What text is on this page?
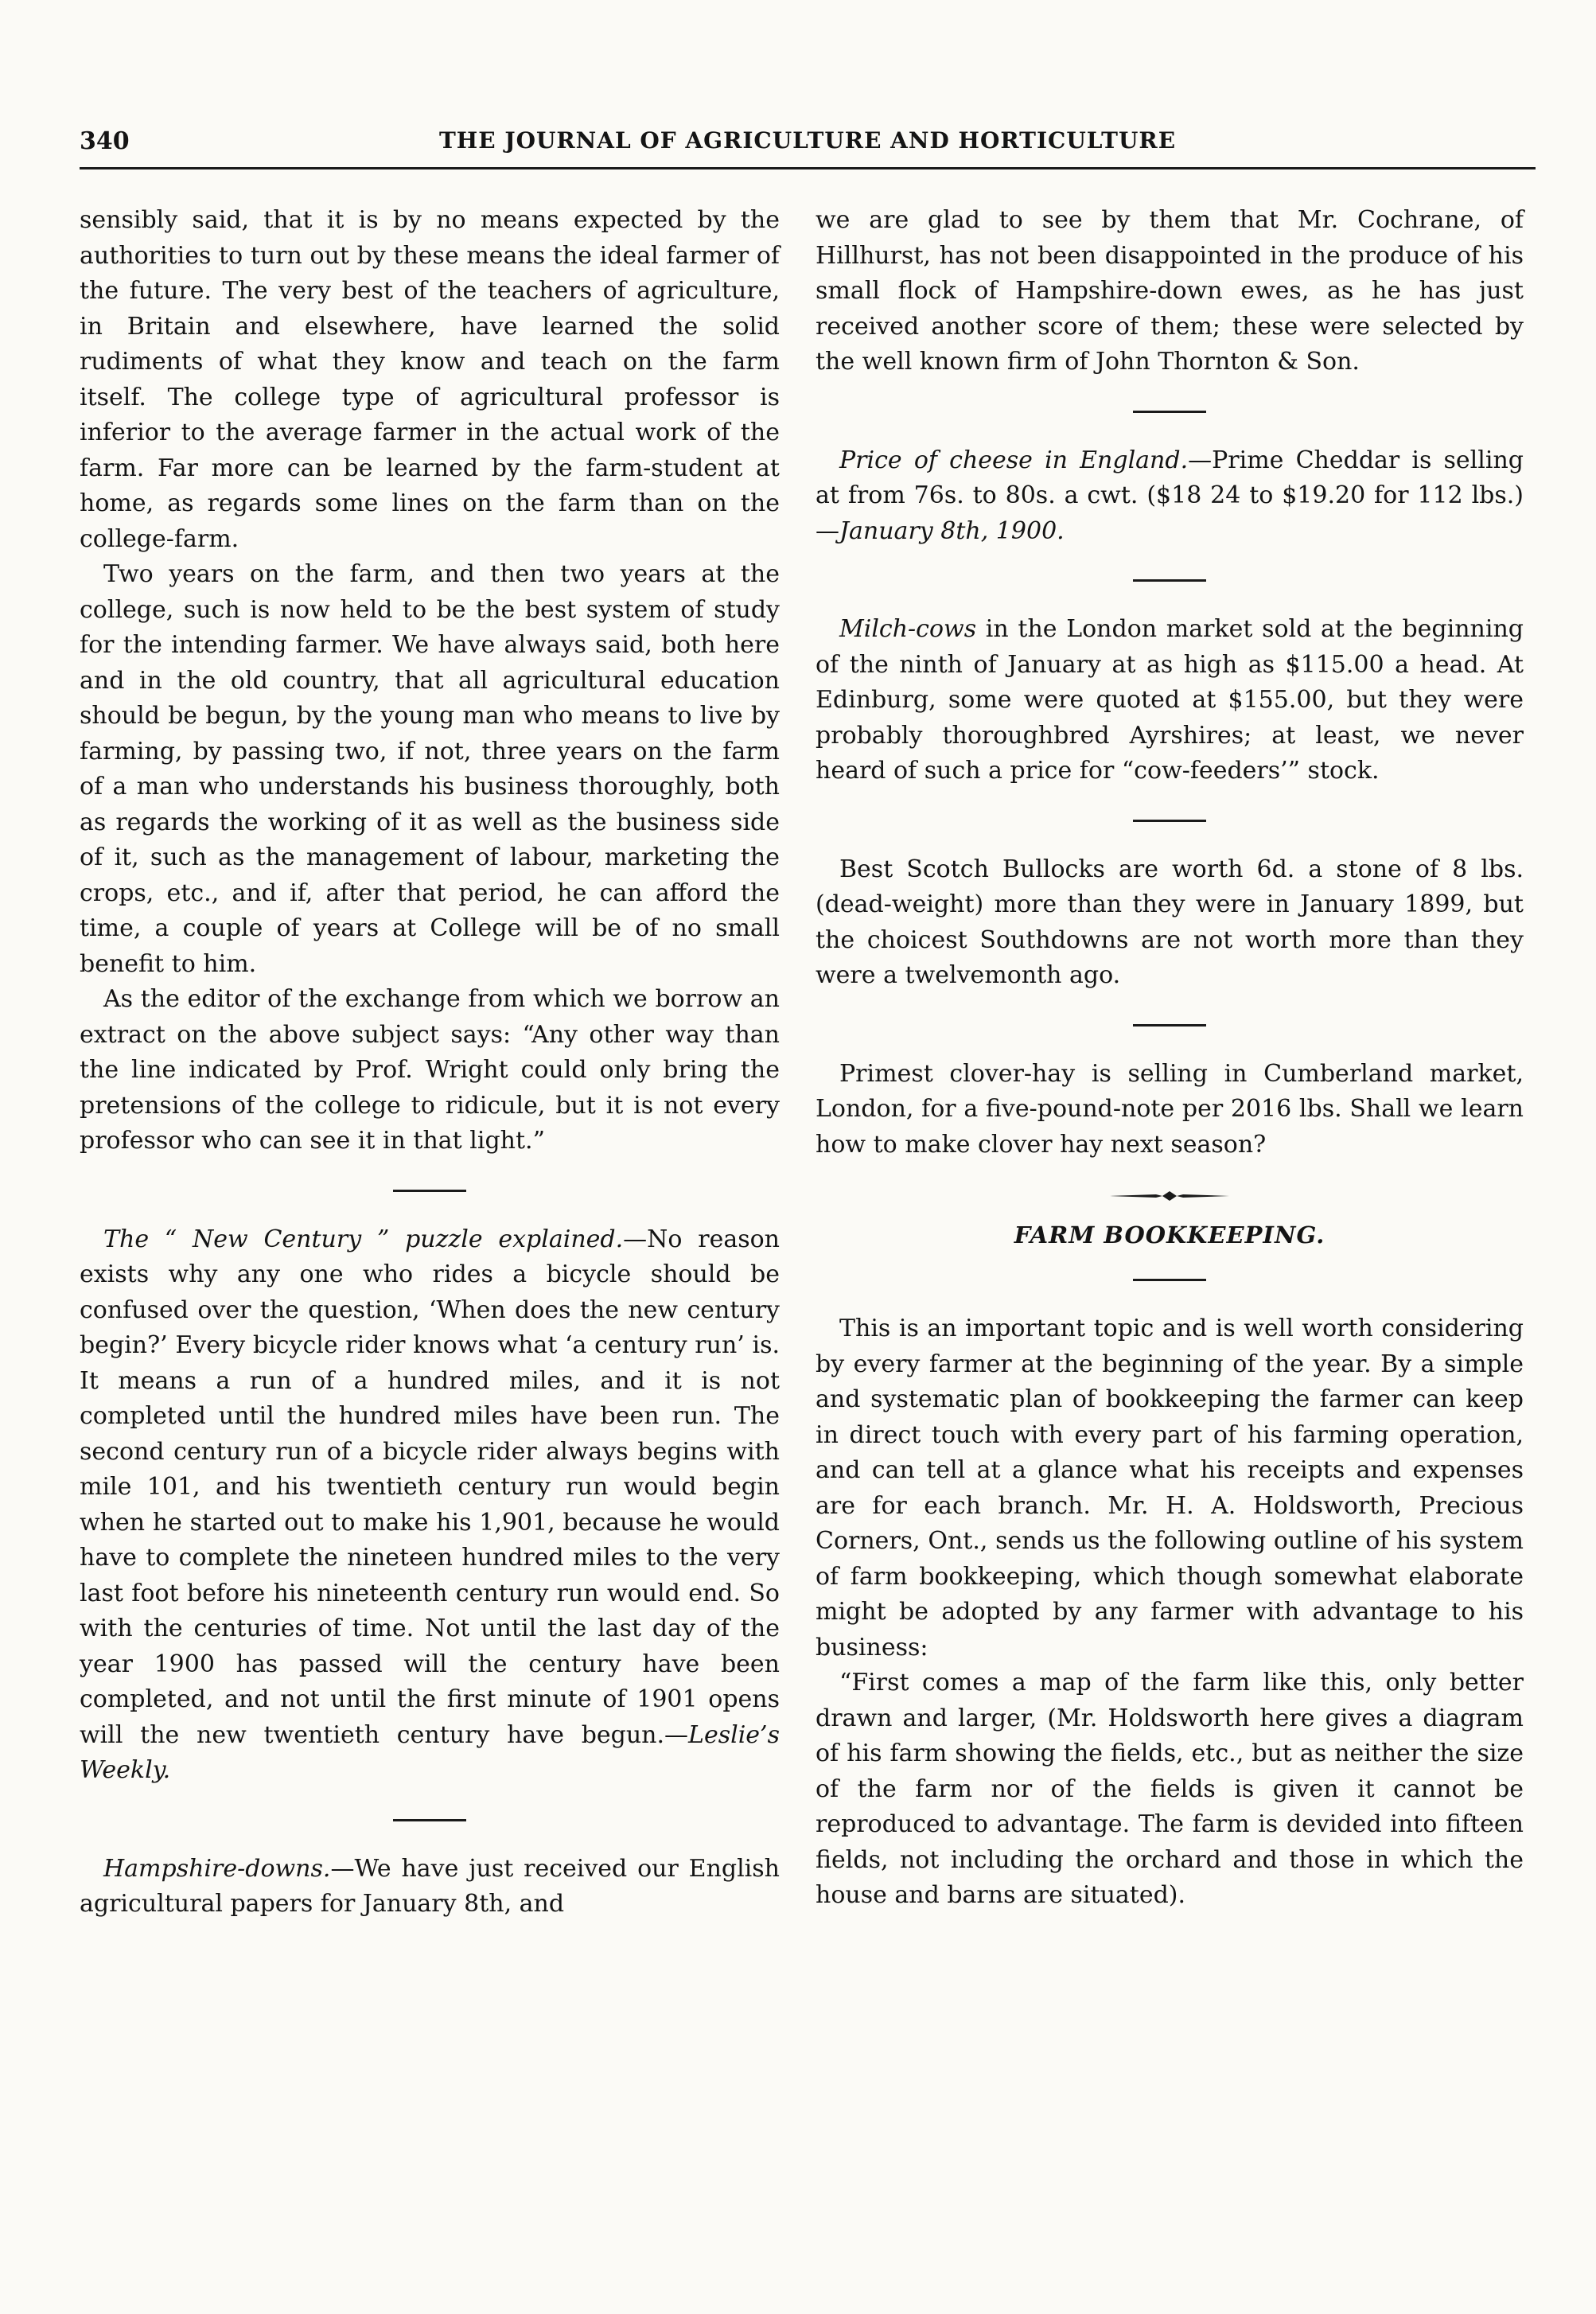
340	THE JOURNAL OF AGRICULTURE AND HORTICULTURE

sensibly said, that it is by no means expected by the authorities to turn out by these means the ideal farmer of the future. The very best of the teachers of agriculture, in Britain and elsewhere, have learned the solid rudiments of what they know and teach on the farm itself. The college type of agricultural professor is inferior to the average farmer in the actual work of the farm. Far more can be learned by the farm-student at home, as regards some lines on the farm than on the college-farm.

Two years on the farm, and then two years at the college, such is now held to be the best system of study for the intending farmer. We have always said, both here and in the old country, that all agricultural education should be begun, by the young man who means to live by farming, by passing two, if not, three years on the farm of a man who understands his business thoroughly, both as regards the working of it as well as the business side of it, such as the management of labour, marketing the crops, etc., and if, after that period, he can afford the time, a couple of years at College will be of no small benefit to him.

As the editor of the exchange from which we borrow an extract on the above subject says: “Any other way than the line indicated by Prof. Wright could only bring the pretensions of the college to ridicule, but it is not every professor who can see it in that light.”

The “ New Century ” puzzle explained.—No reason exists why any one who rides a bicycle should be confused over the question, ‘When does the new century begin?’ Every bicycle rider knows what ‘a century run’ is. It means a run of a hundred miles, and it is not completed until the hundred miles have been run. The second century run of a bicycle rider always begins with mile 101, and his twentieth century run would begin when he started out to make his 1,901, because he would have to complete the nineteen hundred miles to the very last foot before his nineteenth century run would end. So with the centuries of time. Not until the last day of the year 1900 has passed will the century have been completed, and not until the first minute of 1901 opens will the new twentieth century have begun.—Leslie’s Weekly.

Hampshire-downs.—We have just received our English agricultural papers for January 8th, and

we are glad to see by them that Mr. Cochrane, of Hillhurst, has not been disappointed in the produce of his small flock of Hampshire-down ewes, as he has just received another score of them; these were selected by the well known firm of John Thornton & Son.

Price of cheese in England.—Prime Cheddar is selling at from 76s. to 80s. a cwt. ($18 24 to $19.20 for 112 lbs.)—January 8th, 1900.

Milch-cows in the London market sold at the beginning of the ninth of January at as high as $115.00 a head. At Edinburg, some were quoted at $155.00, but they were probably thoroughbred Ayrshires; at least, we never heard of such a price for “cow-feeders’” stock.

Best Scotch Bullocks are worth 6d. a stone of 8 lbs. (dead-weight) more than they were in January 1899, but the choicest Southdowns are not worth more than they were a twelvemonth ago.

Primest clover-hay is selling in Cumberland market, London, for a five-pound-note per 2016 lbs. Shall we learn how to make clover hay next season?

FARM BOOKKEEPING.

This is an important topic and is well worth considering by every farmer at the beginning of the year. By a simple and systematic plan of bookkeeping the farmer can keep in direct touch with every part of his farming operation, and can tell at a glance what his receipts and expenses are for each branch. Mr. H. A. Holdsworth, Precious Corners, Ont., sends us the following outline of his system of farm bookkeeping, which though somewhat elaborate might be adopted by any farmer with advantage to his business:

“First comes a map of the farm like this, only better drawn and larger, (Mr. Holdsworth here gives a diagram of his farm showing the fields, etc., but as neither the size of the farm nor of the fields is given it cannot be reproduced to advantage. The farm is devided into fifteen fields, not including the orchard and those in which the house and barns are situated).
